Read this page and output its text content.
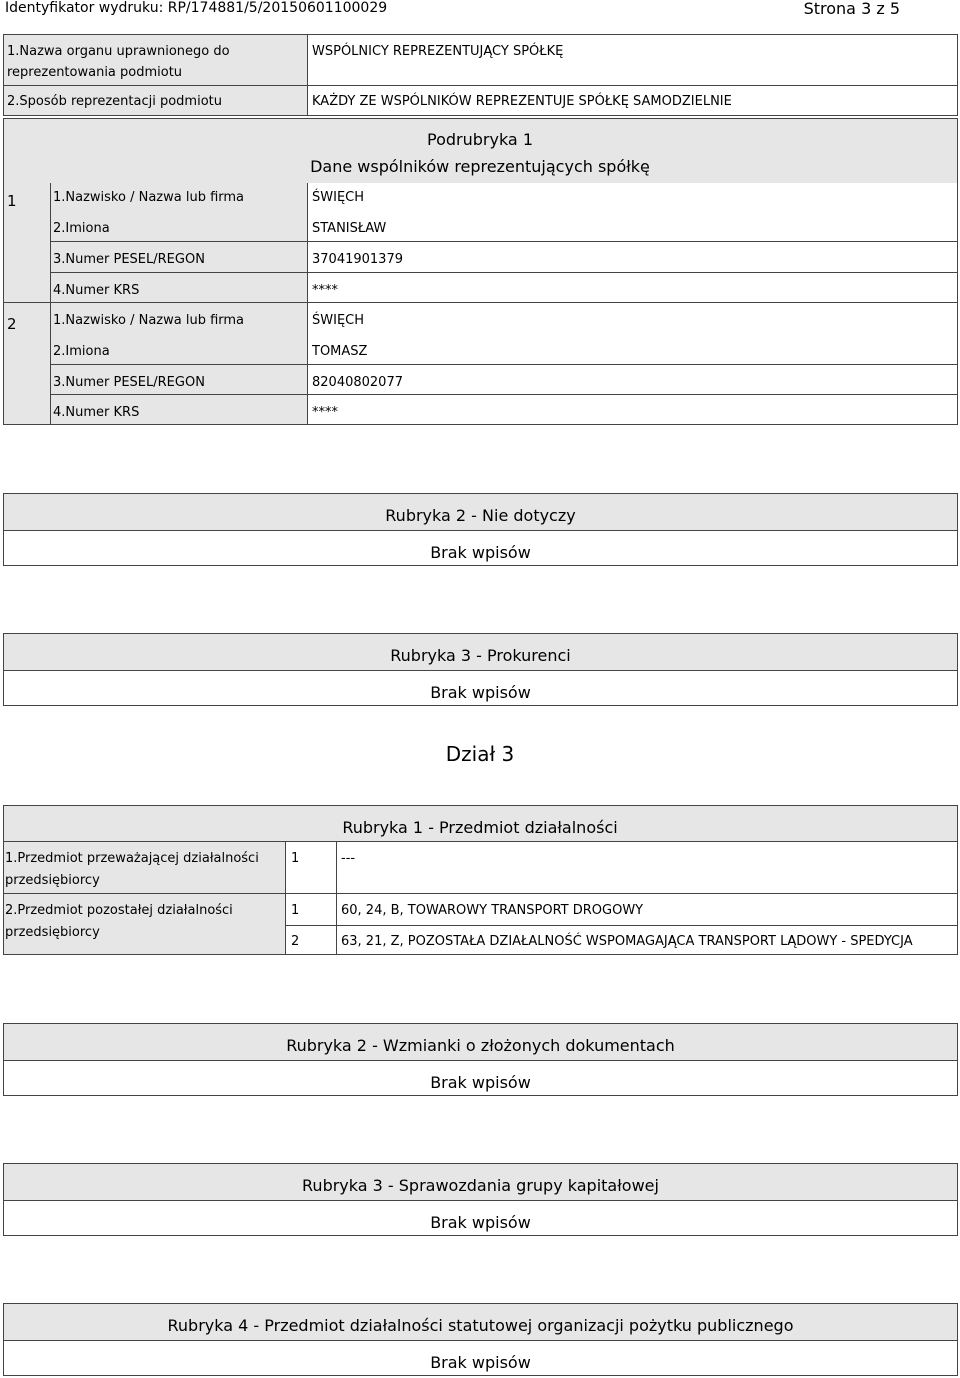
Identyfikator wydruku: RP/174881/5/20150601100029	Strona 3 z 5
1.Nazwa organu uprawnionego do
reprezentowania podmiotu
WSPÓLNICY REPREZENTUJĄCY SPÓŁKĘ
2.Sposób reprezentacji podmiotu	KAŻDY ZE WSPÓLNIKÓW REPREZENTUJE SPÓŁKĘ SAMODZIELNIE
Podrubryka 1
Dane wspólników reprezentujących spółkę
1	1.Nazwisko / Nazwa lub firma	ŚWIĘCH
2.Imiona	STANISŁAW
3.Numer PESEL/REGON	37041901379
4.Numer KRS	****
2	1.Nazwisko / Nazwa lub firma	ŚWIĘCH
2.Imiona	TOMASZ
3.Numer PESEL/REGON	82040802077
4.Numer KRS	****
Rubryka 2 - Nie dotyczy
Brak wpisów
Rubryka 3 - Prokurenci
Brak wpisów
Dział 3
Rubryka 1 - Przedmiot działalności
1.Przedmiot przeważającej działalności
przedsiębiorcy
1	---
2.Przedmiot pozostałej działalności
przedsiębiorcy
1	60, 24, B, TOWAROWY TRANSPORT DROGOWY
2	63, 21, Z, POZOSTAŁA DZIAŁALNOŚĆ WSPOMAGAJĄCA TRANSPORT LĄDOWY - SPEDYCJA
Rubryka 2 - Wzmianki o złożonych dokumentach
Brak wpisów
Rubryka 3 - Sprawozdania grupy kapitałowej
Brak wpisów
Rubryka 4 - Przedmiot działalności statutowej organizacji pożytku publicznego
Brak wpisów
